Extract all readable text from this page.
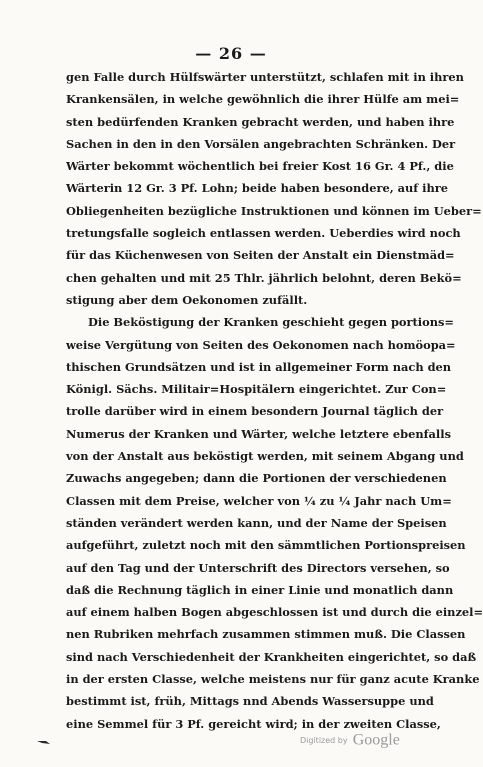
— 26 —
gen Falle durch Hülfswärter unterstützt, schlafen mit in ihren
Krankensälen, in welche gewöhnlich die ihrer Hülfe am mei=
sten bedürfenden Kranken gebracht werden, und haben ihre
Sachen in den in den Vorsälen angebrachten Schränken. Der
Wärter bekommt wöchentlich bei freier Kost 16 Gr. 4 Pf., die
Wärterin 12 Gr. 3 Pf. Lohn; beide haben besondere, auf ihre
Obliegenheiten bezügliche Instruktionen und können im Ueber=
tretungsfalle sogleich entlassen werden. Ueberdies wird noch
für das Küchenwesen von Seiten der Anstalt ein Dienstmäd=
chen gehalten und mit 25 Thlr. jährlich belohnt, deren Bekö=
stigung aber dem Oekonomen zufällt.
Die Beköstigung der Kranken geschieht gegen portions=
weise Vergütung von Seiten des Oekonomen nach homöopa=
thischen Grundsätzen und ist in allgemeiner Form nach den
Königl. Sächs. Militair=Hospitälern eingerichtet. Zur Con=
trolle darüber wird in einem besondern Journal täglich der
Numerus der Kranken und Wärter, welche letztere ebenfalls
von der Anstalt aus beköstigt werden, mit seinem Abgang und
Zuwachs angegeben; dann die Portionen der verschiedenen
Classen mit dem Preise, welcher von ¼ zu ¼ Jahr nach Um=
ständen verändert werden kann, und der Name der Speisen
aufgeführt, zuletzt noch mit den sämmtlichen Portionspreisen
auf den Tag und der Unterschrift des Directors versehen, so
daß die Rechnung täglich in einer Linie und monatlich dann
auf einem halben Bogen abgeschlossen ist und durch die einzel=
nen Rubriken mehrfach zusammen stimmen muß. Die Classen
sind nach Verschiedenheit der Krankheiten eingerichtet, so daß
in der ersten Classe, welche meistens nur für ganz acute Kranke
bestimmt ist, früh, Mittags nnd Abends Wassersuppe und
eine Semmel für 3 Pf. gereicht wird; in der zweiten Classe,
Digitized by Google
